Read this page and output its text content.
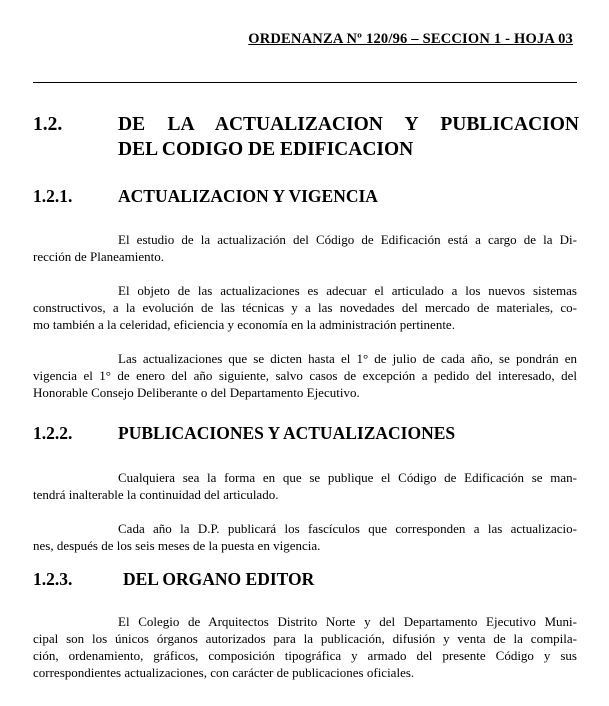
ORDENANZA Nº 120/96 – SECCION 1 - HOJA 03
1.2.	DE LA ACTUALIZACION Y PUBLICACION
DEL CODIGO DE EDIFICACION
1.2.1.	ACTUALIZACION Y VIGENCIA
El estudio de la actualización del Código de Edificación está a cargo de la Di-
rección de Planeamiento.
El objeto de las actualizaciones es adecuar el articulado a los nuevos sistemas
constructivos, a la evolución de las técnicas y a las novedades del mercado de materiales, co-
mo también a la celeridad, eficiencia y economía en la administración pertinente.
Las actualizaciones que se dicten hasta el 1° de julio de cada año, se pondrán en
vigencia el 1° de enero del año siguiente, salvo casos de excepción a pedido del interesado, del
Honorable Consejo Deliberante o del Departamento Ejecutivo.
1.2.2.	PUBLICACIONES Y ACTUALIZACIONES
Cualquiera sea la forma en que se publique el Código de Edificación se man-
tendrá inalterable la continuidad del articulado.
Cada año la D.P. publicará los fascículos que corresponden a las actualizacio-
nes, después de los seis meses de la puesta en vigencia.
1.2.3.	DEL ORGANO EDITOR
El Colegio de Arquitectos Distrito Norte y del Departamento Ejecutivo Muni-
cipal son los únicos órganos autorizados para la publicación, difusión y venta de la compila-
ción, ordenamiento, gráficos, composición tipográfica y armado del presente Código y sus
correspondientes actualizaciones, con carácter de publicaciones oficiales.
